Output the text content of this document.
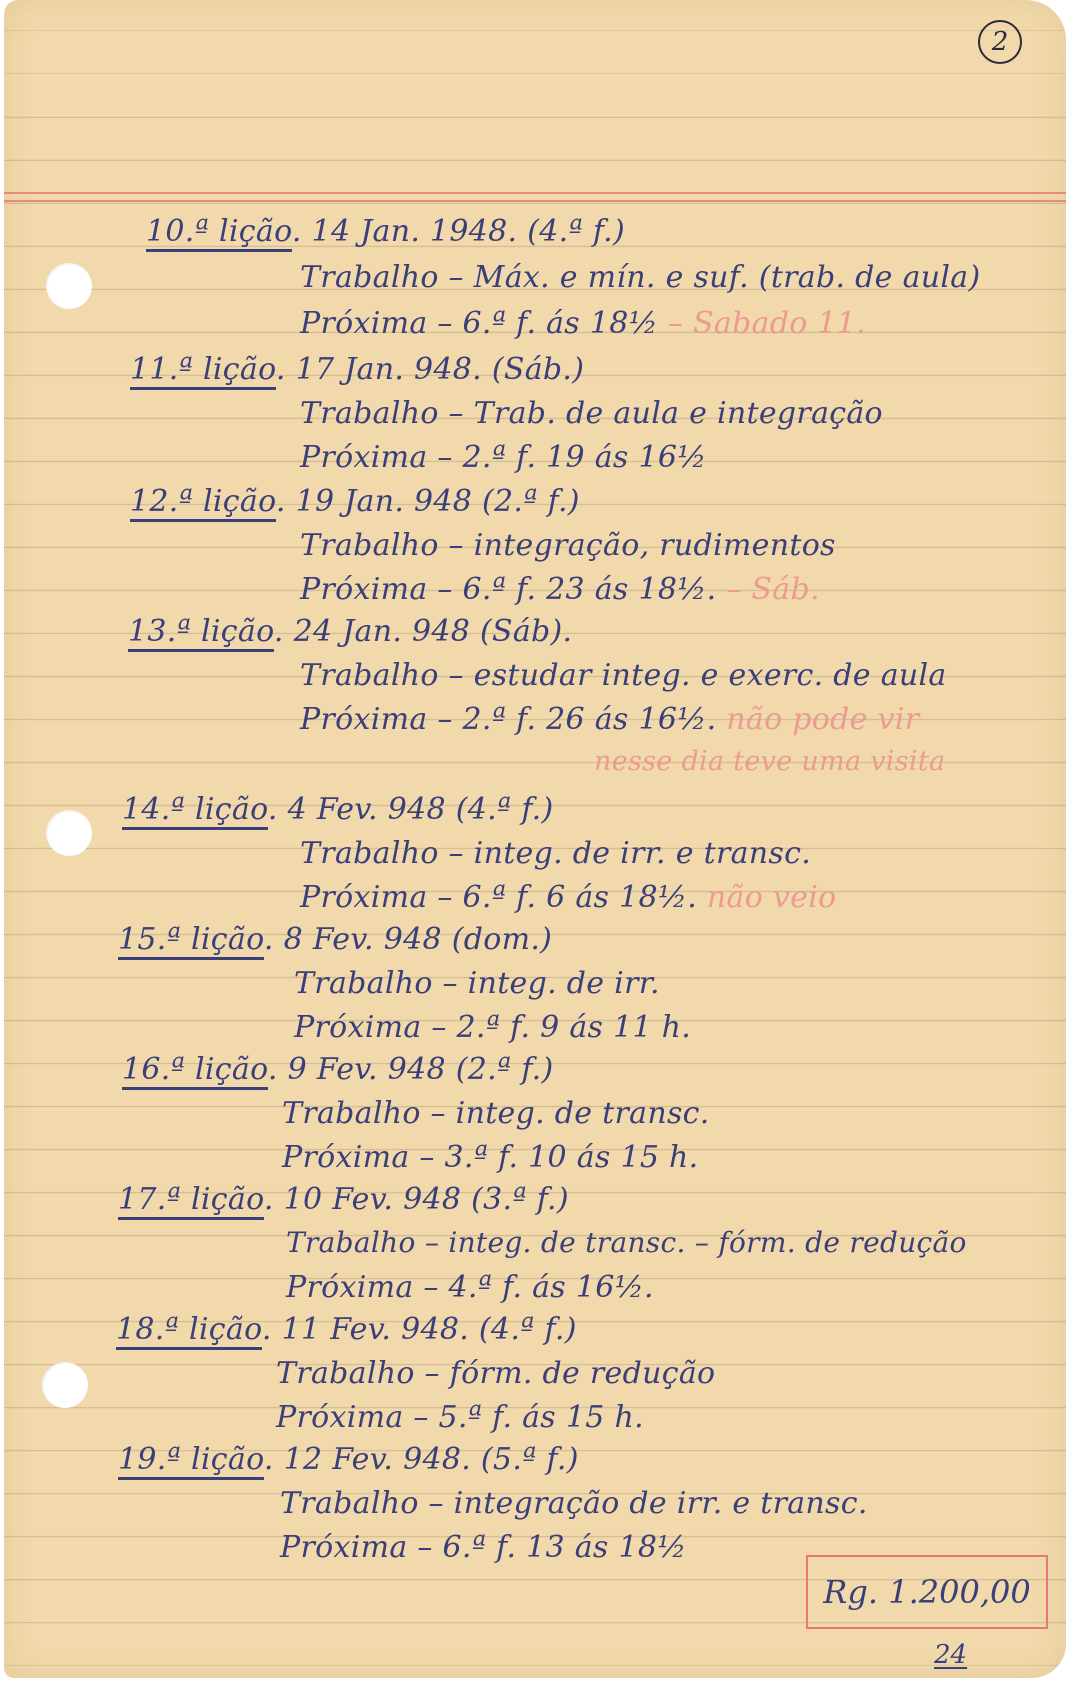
2
10.ª lição. 14 Jan. 1948. (4.ª f.)
Trabalho – Máx. e mín. e suf. (trab. de aula)
Próxima – 6.ª f. ás 18½ – Sabado 11.
11.ª lição. 17 Jan. 948. (Sáb.)
Trabalho – Trab. de aula e integração
Próxima – 2.ª f. 19 ás 16½
12.ª lição. 19 Jan. 948 (2.ª f.)
Trabalho – integração, rudimentos
Próxima – 6.ª f. 23 ás 18½. – Sáb.
13.ª lição. 24 Jan. 948 (Sáb).
Trabalho – estudar integ. e exerc. de aula
Próxima – 2.ª f. 26 ás 16½. não pode vir
nesse dia teve uma visita
14.ª lição. 4 Fev. 948 (4.ª f.)
Trabalho – integ. de irr. e transc.
Próxima – 6.ª f. 6 ás 18½. não veio
15.ª lição. 8 Fev. 948 (dom.)
Trabalho – integ. de irr.
Próxima – 2.ª f. 9 ás 11 h.
16.ª lição. 9 Fev. 948 (2.ª f.)
Trabalho – integ. de transc.
Próxima – 3.ª f. 10 ás 15 h.
17.ª lição. 10 Fev. 948 (3.ª f.)
Trabalho – integ. de transc. – fórm. de redução
Próxima – 4.ª f. ás 16½.
18.ª lição. 11 Fev. 948. (4.ª f.)
Trabalho – fórm. de redução
Próxima – 5.ª f. ás 15 h.
19.ª lição. 12 Fev. 948. (5.ª f.)
Trabalho – integração de irr. e transc.
Próxima – 6.ª f. 13 ás 18½
Rg. 1.200,00
24
